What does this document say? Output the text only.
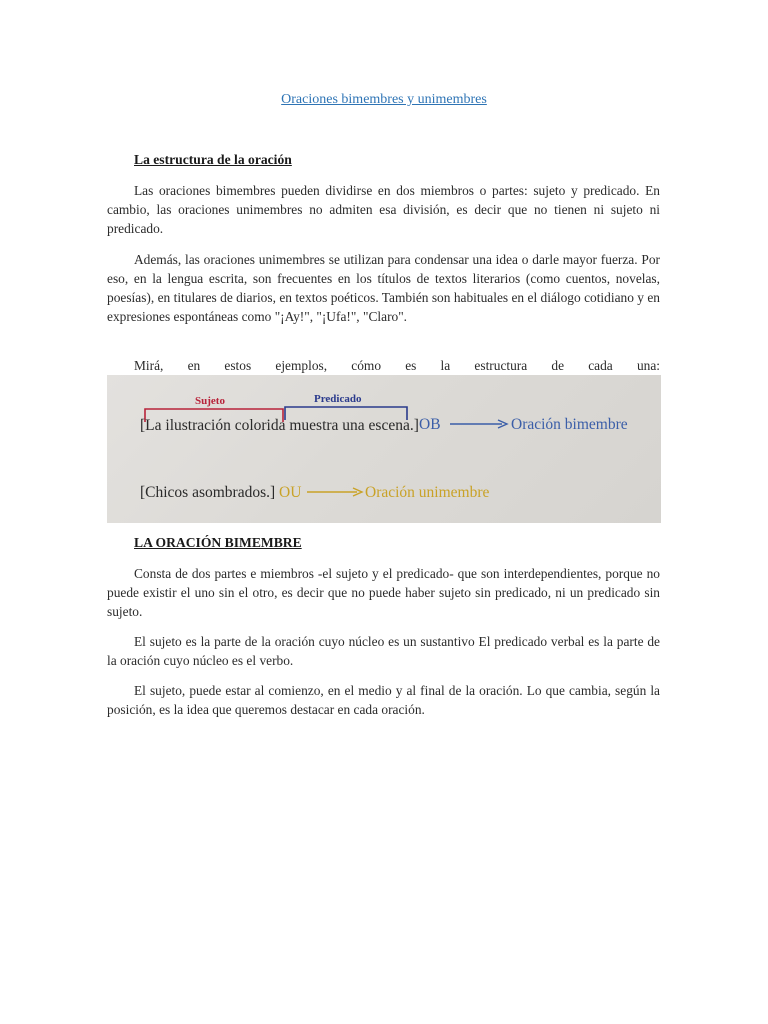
Oraciones bimembres y unimembres
La estructura de la oración
Las oraciones bimembres pueden dividirse en dos miembros o partes: sujeto y predicado. En cambio, las oraciones unimembres no admiten esa división, es decir que no tienen ni sujeto ni predicado.
Además, las oraciones unimembres se utilizan para condensar una idea o darle mayor fuerza. Por eso, en la lengua escrita, son frecuentes en los títulos de textos literarios (como cuentos, novelas, poesías), en titulares de diarios, en textos poéticos. También son habituales en el diálogo cotidiano y en expresiones espontáneas como "¡Ay!", "¡Ufa!", "Claro".
Mirá, en estos ejemplos, cómo es la estructura de cada una:
Sujeto	Predicado
[La ilustración colorida muestra una escena.] OB	Oración bimembre
[Chicos asombrados.] OU	Oración unimembre
LA ORACIÓN BIMEMBRE
Consta de dos partes e miembros -el sujeto y el predicado- que son interdependientes, porque no puede existir el uno sin el otro, es decir que no puede haber sujeto sin predicado, ni un predicado sin sujeto.
El sujeto es la parte de la oración cuyo núcleo es un sustantivo El predicado verbal es la parte de la oración cuyo núcleo es el verbo.
El sujeto, puede estar al comienzo, en el medio y al final de la oración. Lo que cambia, según la posición, es la idea que queremos destacar en cada oración.
